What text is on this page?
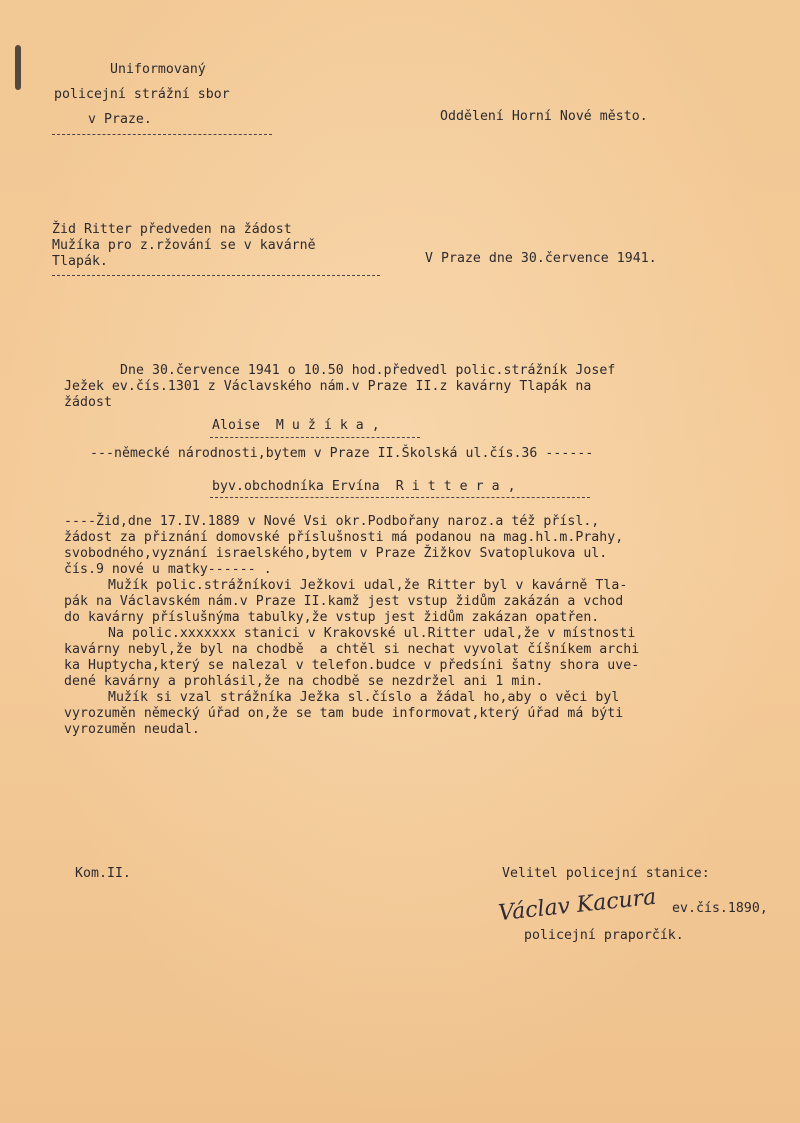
Uniformovaný
policejní strážní sbor
v Praze.	Oddělení Horní Nové město.
Žid Ritter předveden na žádost
Mužíka pro z.ržování se v kavárně
Tlapák.	V Praze dne 30.července 1941.
Dne 30.července 1941 o 10.50 hod.předvedl polic.strážník Josef
Ježek ev.čís.1301 z Václavského nám.v Praze II.z kavárny Tlapák na
žádost
Aloise  M u ž í k a ,
---německé národnosti,bytem v Praze II.Školská ul.čís.36 ------
byv.obchodníka Ervína  R i t t e r a ,
----Žid,dne 17.IV.1889 v Nové Vsi okr.Podbořany naroz.a též přísl.,
žádost za přiznání domovské příslušnosti má podanou na mag.hl.m.Prahy,
svobodného,vyznání israelského,bytem v Praze Žižkov Svatoplukova ul.
čís.9 nové u matky------ .
Mužík polic.strážníkovi Ježkovi udal,že Ritter byl v kavárně Tla-
pák na Václavském nám.v Praze II.kamž jest vstup židům zakázán a vchod
do kavárny příslušnýma tabulky,že vstup jest židům zakázan opatřen.
Na polic.xxxxxxx stanici v Krakovské ul.Ritter udal,že v místnosti
kavárny nebyl,že byl na chodbě  a chtěl si nechat vyvolat číšníkem archi
ka Huptycha,který se nalezal v telefon.budce v předsíni šatny shora uve-
dené kavárny a prohlásil,že na chodbě se nezdržel ani 1 min.
Mužík si vzal strážníka Ježka sl.číslo a žádal ho,aby o věci byl
vyrozuměn německý úřad on,že se tam bude informovat,který úřad má býti
vyrozuměn neudal.
Kom.II.	Velitel policejní stanice:
Václav Kacura ev.čís.1890,
policejní praporčík.
